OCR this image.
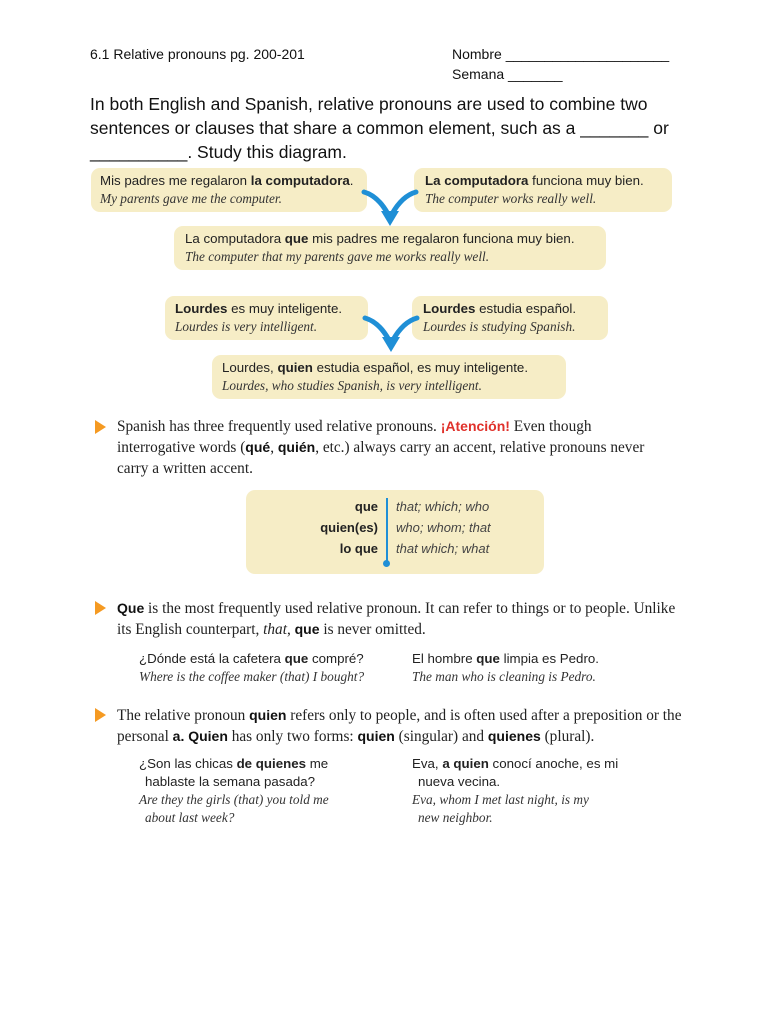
6.1 Relative pronouns pg. 200-201	Nombre _____________________
Semana _______
In both English and Spanish, relative pronouns are used to combine two sentences or clauses that share a common element, such as a _______ or __________. Study this diagram.
Mis padres me regalaron la computadora.
My parents gave me the computer.
La computadora funciona muy bien.
The computer works really well.
La computadora que mis padres me regalaron funciona muy bien.
The computer that my parents gave me works really well.
Lourdes es muy inteligente.
Lourdes is very intelligent.
Lourdes estudia español.
Lourdes is studying Spanish.
Lourdes, quien estudia español, es muy inteligente.
Lourdes, who studies Spanish, is very intelligent.
Spanish has three frequently used relative pronouns. ¡Atención! Even though interrogative words (qué, quién, etc.) always carry an accent, relative pronouns never carry a written accent.
que that; which; who
quien(es) who; whom; that
lo que that which; what
Que is the most frequently used relative pronoun. It can refer to things or to people. Unlike its English counterpart, that, que is never omitted.
¿Dónde está la cafetera que compré?
Where is the coffee maker (that) I bought?
El hombre que limpia es Pedro.
The man who is cleaning is Pedro.
The relative pronoun quien refers only to people, and is often used after a preposition or the personal a. Quien has only two forms: quien (singular) and quienes (plural).
¿Son las chicas de quienes me
hablaste la semana pasada?
Are they the girls (that) you told me
about last week?
Eva, a quien conocí anoche, es mi
nueva vecina.
Eva, whom I met last night, is my
new neighbor.
